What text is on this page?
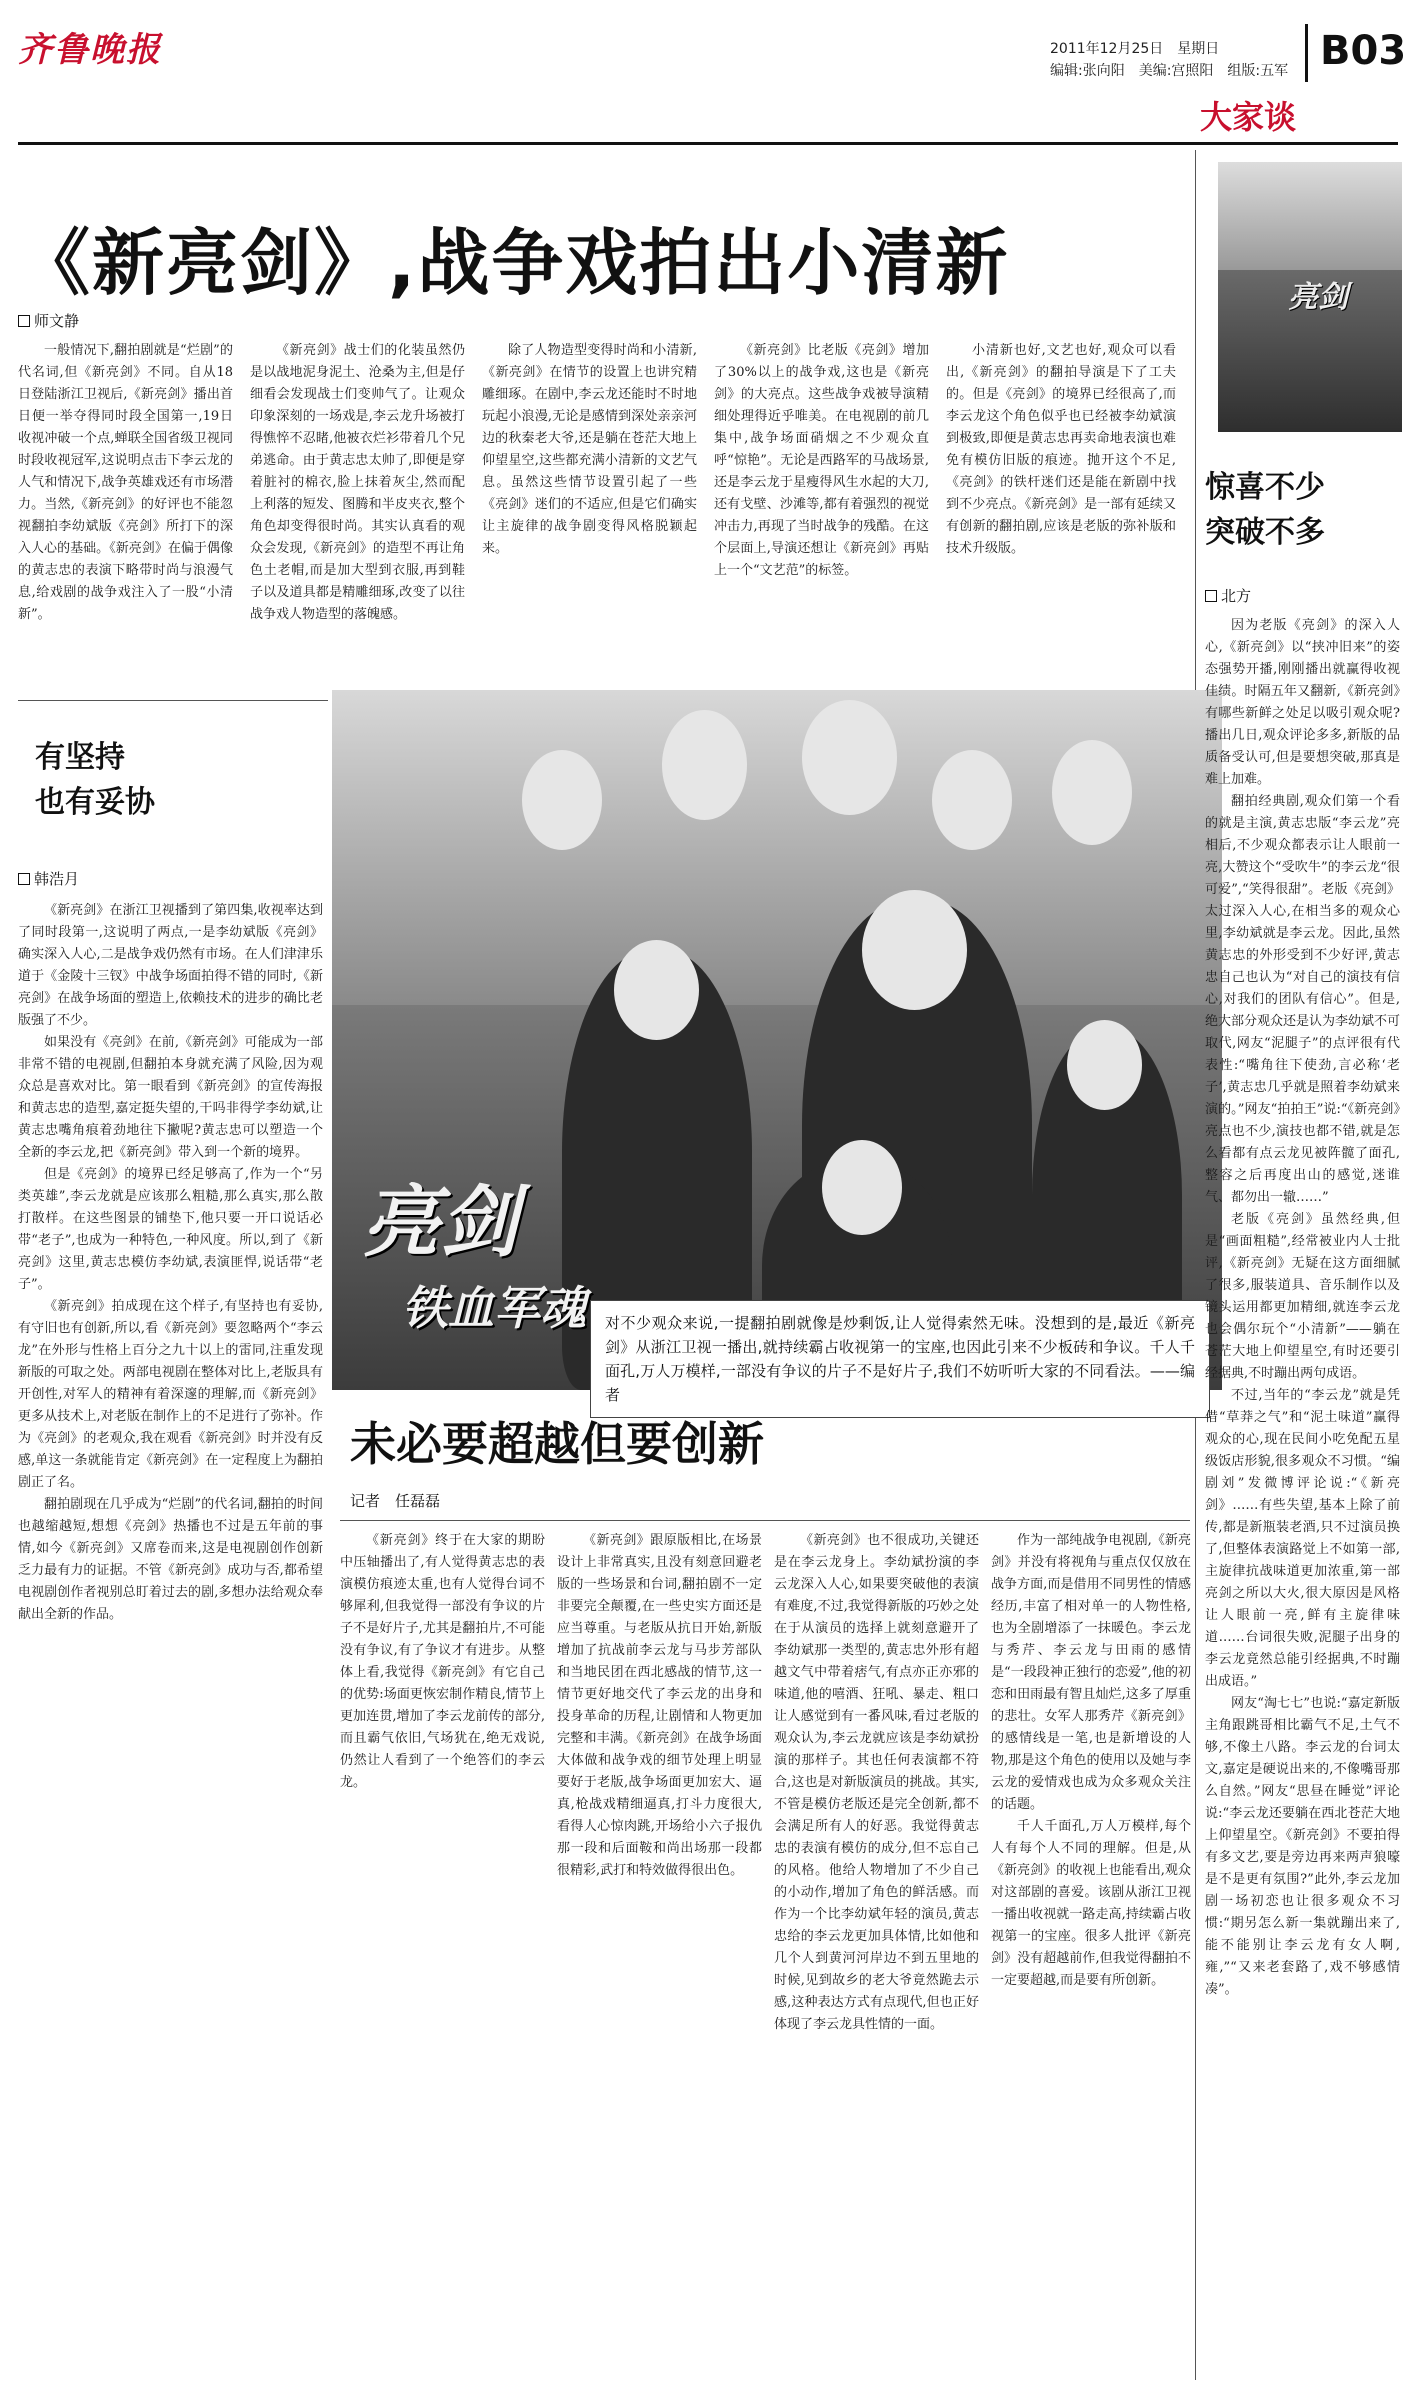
齐鲁晚报	2011年12月25日　星期日
编辑:张向阳　美编:宫照阳　组版:五军 B03
大家谈
《新亮剑》,战争戏拍出小清新
师文静

一般情况下,翻拍剧就是“烂剧”的代名词,但《新亮剑》不同。自从18日登陆浙江卫视后,《新亮剑》播出首日便一举夺得同时段全国第一,19日收视冲破一个点,蝉联全国省级卫视同时段收视冠军,这说明点击下李云龙的人气和情况下,战争英雄戏还有市场潜力。当然,《新亮剑》的好评也不能忽视翻拍李幼斌版《亮剑》所打下的深入人心的基础。《新亮剑》在偏于偶像的黄志忠的表演下略带时尚与浪漫气息,给戏剧的战争戏注入了一股“小清新”。

《新亮剑》战士们的化装虽然仍是以战地泥身泥土、沧桑为主,但是仔细看会发现战士们变帅气了。让观众印象深刻的一场戏是,李云龙升场被打得憔悴不忍睹,他被衣烂衫带着几个兄弟逃命。由于黄志忠太帅了,即便是穿着脏衬的棉衣,脸上抹着灰尘,然而配上利落的短发、图腾和半皮夹衣,整个角色却变得很时尚。其实认真看的观众会发现,《新亮剑》的造型不再让角色土老帽,而是加大型到衣服,再到鞋子以及道具都是精雕细琢,改变了以往战争戏人物造型的落魄感。

除了人物造型变得时尚和小清新,《新亮剑》在情节的设置上也讲究精雕细琢。在剧中,李云龙还能时不时地玩起小浪漫,无论是感情到深处亲亲河边的秋秦老大爷,还是躺在苍茫大地上仰望星空,这些都充满小清新的文艺气息。虽然这些情节设置引起了一些《亮剑》迷们的不适应,但是它们确实让主旋律的战争剧变得风格脱颖起来。

《新亮剑》比老版《亮剑》增加了30%以上的战争戏,这也是《新亮剑》的大亮点。这些战争戏被导演精细处理得近乎唯美。在电视剧的前几集中,战争场面硝烟之不少观众直呼“惊艳”。无论是西路军的马战场景,还是李云龙于星瘦得风生水起的大刀,还有戈壁、沙滩等,都有着强烈的视觉冲击力,再现了当时战争的残酷。在这个层面上,导演还想让《新亮剑》再贴上一个“文艺范”的标签。

小清新也好,文艺也好,观众可以看出,《新亮剑》的翻拍导演是下了工夫的。但是《亮剑》的境界已经很高了,而李云龙这个角色似乎也已经被李幼斌演到极致,即便是黄志忠再卖命地表演也难免有模仿旧版的痕迹。抛开这个不足,《亮剑》的铁杆迷们还是能在新剧中找到不少亮点。《新亮剑》是一部有延续又有创新的翻拍剧,应该是老版的弥补版和技术升级版。

有坚持
也有妥协
韩浩月

《新亮剑》在浙江卫视播到了第四集,收视率达到了同时段第一,这说明了两点,一是李幼斌版《亮剑》确实深入人心,二是战争戏仍然有市场。在人们津津乐道于《金陵十三钗》中战争场面拍得不错的同时,《新亮剑》在战争场面的塑造上,依赖技术的进步的确比老版强了不少。

如果没有《亮剑》在前,《新亮剑》可能成为一部非常不错的电视剧,但翻拍本身就充满了风险,因为观众总是喜欢对比。第一眼看到《新亮剑》的宣传海报和黄志忠的造型,嘉定挺失望的,干吗非得学李幼斌,让黄志忠嘴角痕着劲地往下撇呢?黄志忠可以塑造一个全新的李云龙,把《新亮剑》带入到一个新的境界。

但是《亮剑》的境界已经足够高了,作为一个“另类英雄”,李云龙就是应该那么粗糙,那么真实,那么散打散样。在这些图景的铺垫下,他只要一开口说话必带“老子”,也成为一种特色,一种风度。所以,到了《新亮剑》这里,黄志忠模仿李幼斌,表演匪悍,说话带“老子”。

《新亮剑》拍成现在这个样子,有坚持也有妥协,有守旧也有创新,所以,看《新亮剑》要忽略两个“李云龙”在外形与性格上百分之九十以上的雷同,注重发现新版的可取之处。两部电视剧在整体对比上,老版具有开创性,对军人的精神有着深邃的理解,而《新亮剑》更多从技术上,对老版在制作上的不足进行了弥补。作为《亮剑》的老观众,我在观看《新亮剑》时并没有反感,单这一条就能肯定《新亮剑》在一定程度上为翻拍剧正了名。

翻拍剧现在几乎成为“烂剧”的代名词,翻拍的时间也越缩越短,想想《亮剑》热播也不过是五年前的事情,如今《新亮剑》又席卷而来,这是电视剧创作创新乏力最有力的证据。不管《新亮剑》成功与否,都希望电视剧创作者视别总盯着过去的剧,多想办法给观众奉献出全新的作品。

亮剑
铁血军魂	对不少观众来说,一提翻拍剧就像是炒剩饭,让人觉得索然无味。没想到的是,最近《新亮剑》从浙江卫视一播出,就持续霸占收视第一的宝座,也因此引来不少板砖和争议。千人千面孔,万人万模样,一部没有争议的片子不是好片子,我们不妨听听大家的不同看法。——编者
未必要超越但要创新
记者　 任磊磊

《新亮剑》终于在大家的期盼中压轴播出了,有人觉得黄志忠的表演模仿痕迹太重,也有人觉得台词不够犀利,但我觉得一部没有争议的片子不是好片子,尤其是翻拍片,不可能没有争议,有了争议才有进步。从整体上看,我觉得《新亮剑》有它自己的优势:场面更恢宏制作精良,情节上更加连贯,增加了李云龙前传的部分,而且霸气依旧,气场犹在,绝无戏说,仍然让人看到了一个绝答们的李云龙。

《新亮剑》跟原版相比,在场景设计上非常真实,且没有刻意回避老版的一些场景和台词,翻拍剧不一定非要完全颠覆,在一些史实方面还是应当尊重。与老版从抗日开始,新版增加了抗战前李云龙与马步芳部队和当地民团在西北感战的情节,这一情节更好地交代了李云龙的出身和投身革命的历程,让剧情和人物更加完整和丰满。《新亮剑》在战争场面大体做和战争戏的细节处理上明显要好于老版,战争场面更加宏大、逼真,枪战戏精细逼真,打斗力度很大,看得人心惊肉跳,开场给小六子报仇那一段和后面鞍和尚出场那一段都很精彩,武打和特效做得很出色。

《新亮剑》也不很成功,关键还是在李云龙身上。李幼斌扮演的李云龙深入人心,如果要突破他的表演有难度,不过,我觉得新版的巧妙之处在于从演员的选择上就刻意避开了李幼斌那一类型的,黄志忠外形有超越文气中带着痞气,有点亦正亦邪的味道,他的嘻酒、狂吼、暴走、粗口让人感觉到有一番风味,看过老版的观众认为,李云龙就应该是李幼斌扮演的那样子。其也任何表演都不符合,这也是对新版演员的挑战。其实,不管是模仿老版还是完全创新,都不会满足所有人的好恶。我觉得黄志忠的表演有模仿的成分,但不忘自己的风格。他给人物增加了不少自己的小动作,增加了角色的鲜活感。而作为一个比李幼斌年轻的演员,黄志忠给的李云龙更加具体情,比如他和几个人到黄河河岸边不到五里地的时候,见到故乡的老大爷竟然跪去示感,这种表达方式有点现代,但也正好体现了李云龙具性情的一面。

作为一部纯战争电视剧,《新亮剑》并没有将视角与重点仅仅放在战争方面,而是借用不同男性的情感经历,丰富了相对单一的人物性格,也为全剧增添了一抹暖色。李云龙与秀芹、李云龙与田雨的感情是“一段段神正独行的恋爱”,他的初恋和田雨最有智且灿烂,这多了厚重的悲壮。女军人那秀芹《新亮剑》的感情线是一笔,也是新增设的人物,那是这个角色的使用以及她与李云龙的爱情戏也成为众多观众关注的话题。

千人千面孔,万人万模样,每个人有每个人不同的理解。但是,从《新亮剑》的收视上也能看出,观众对这部剧的喜爱。该剧从浙江卫视一播出收视就一路走高,持续霸占收视第一的宝座。很多人批评《新亮剑》没有超越前作,但我觉得翻拍不一定要超越,而是要有所创新。

亮剑
惊喜不少
突破不多
北方

因为老版《亮剑》的深入人心,《新亮剑》以“挟冲旧来”的姿态强势开播,刚刚播出就赢得收视佳绩。时隔五年又翻新,《新亮剑》有哪些新鲜之处足以吸引观众呢?播出几日,观众评论多多,新版的品质备受认可,但是要想突破,那真是难上加难。

翻拍经典剧,观众们第一个看的就是主演,黄志忠版“李云龙”亮相后,不少观众都表示让人眼前一亮,大赞这个“受吹牛”的李云龙“很可爱”,“笑得很甜”。老版《亮剑》太过深入人心,在相当多的观众心里,李幼斌就是李云龙。因此,虽然黄志忠的外形受到不少好评,黄志忠自己也认为“对自己的演技有信心,对我们的团队有信心”。但是,绝大部分观众还是认为李幼斌不可取代,网友“泥腿子”的点评很有代表性:“嘴角往下使劲,言必称‘老子’,黄志忠几乎就是照着李幼斌来演的。”网友“拍拍王”说:“《新亮剑》亮点也不少,演技也都不错,就是怎么看都有点云龙见被阵髋了面孔,整容之后再度出山的感觉,迷谁气、都勿出一辙……”

老版《亮剑》虽然经典,但是“画面粗糙”,经常被业内人士批评,《新亮剑》无疑在这方面细腻了很多,服装道具、音乐制作以及镜头运用都更加精细,就连李云龙也会偶尔玩个“小清新”——躺在苍茫大地上仰望星空,有时还要引经据典,不时蹦出两句成语。

不过,当年的“李云龙”就是凭借“草莽之气”和“泥土味道”赢得观众的心,现在民间小吃免配五星级饭店形貌,很多观众不习惯。“编剧刘”发微博评论说:“《新亮剑》……有些失望,基本上除了前传,都是新瓶装老酒,只不过演员换了,但整体表演路觉上不如第一部,主旋律抗战味道更加浓重,第一部亮剑之所以大火,很大原因是风格让人眼前一亮,鲜有主旋律味道……台词很失败,泥腿子出身的李云龙竟然总能引经据典,不时蹦出成语。”

网友“淘七七”也说:“嘉定新版主角跟跳哥相比霸气不足,土气不够,不像土八路。李云龙的台词太文,嘉定是硬说出来的,不像嘴哥那么自然。”网友“思昼在睡觉”评论说:“李云龙还要躺在西北苍茫大地上仰望星空。《新亮剑》不要拍得有多文艺,要是旁边再来两声狼嚎是不是更有氛围?”此外,李云龙加剧一场初恋也让很多观众不习惯:“期另怎么新一集就蹦出来了,能不能别让李云龙有女人啊,雍,”“又来老套路了,戏不够感情凑”。
